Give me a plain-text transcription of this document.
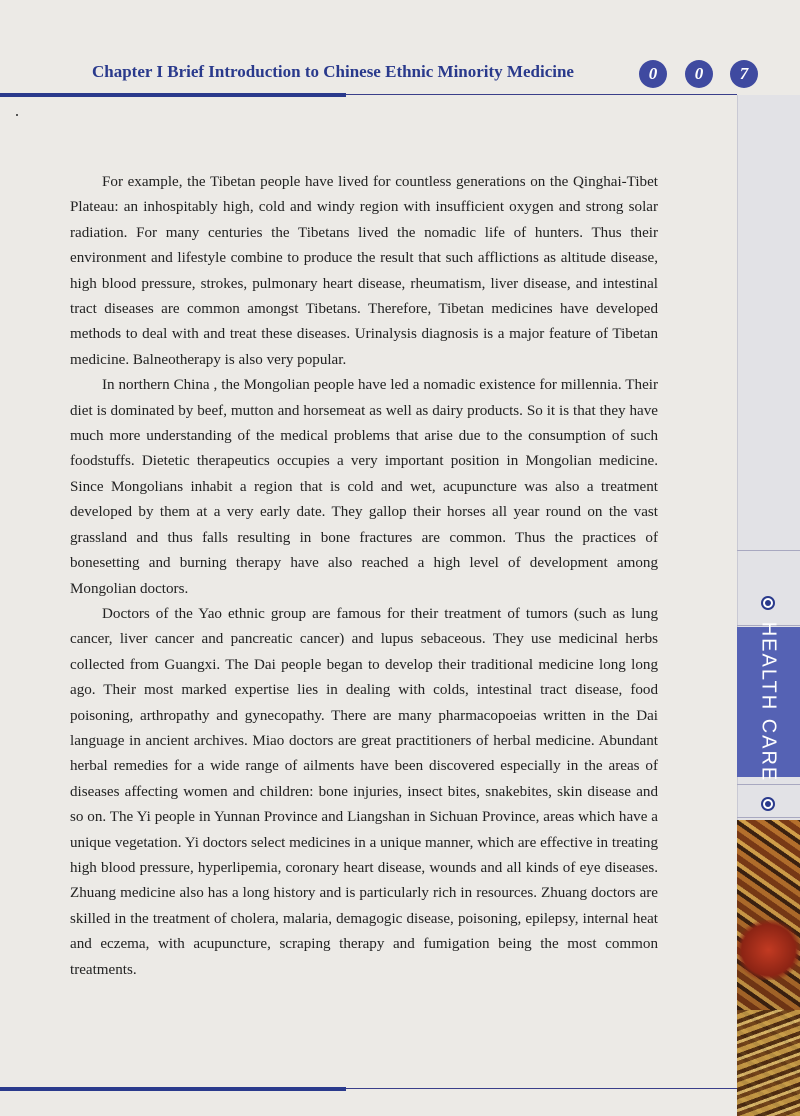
Chapter I Brief Introduction to Chinese Ethnic Minority Medicine	0	0	7

For example, the Tibetan people have lived for countless generations on the Qinghai-Tibet Plateau: an inhospitably high, cold and windy region with insufficient oxygen and strong solar radiation. For many centuries the Tibetans lived the nomadic life of hunters. Thus their environment and lifestyle combine to produce the result that such afflictions as altitude disease, high blood pressure, strokes, pulmonary heart disease, rheumatism, liver disease, and intestinal tract diseases are common amongst Tibetans. Therefore, Tibetan medicines have developed methods to deal with and treat these diseases. Urinalysis diagnosis is a major feature of Tibetan medicine. Balneotherapy is also very popular.

In northern China , the Mongolian people have led a nomadic existence for millennia. Their diet is dominated by beef, mutton and horsemeat as well as dairy products. So it is that they have much more understanding of the medical problems that arise due to the consumption of such foodstuffs. Dietetic therapeutics occupies a very important position in Mongolian medicine. Since Mongolians inhabit a region that is cold and wet, acupuncture was also a treatment developed by them at a very early date. They gallop their horses all year round on the vast grassland and thus falls resulting in bone fractures are common. Thus the practices of bonesetting and burning therapy have also reached a high level of development among Mongolian doctors.

Doctors of the Yao ethnic group are famous for their treatment of tumors (such as lung cancer, liver cancer and pancreatic cancer) and lupus sebaceous. They use medicinal herbs collected from Guangxi. The Dai people began to develop their traditional medicine long long ago. Their most marked expertise lies in dealing with colds, intestinal tract disease, food poisoning, arthropathy and gynecopathy. There are many pharmacopoeias written in the Dai language in ancient archives. Miao doctors are great practitioners of herbal medicine. Abundant herbal remedies for a wide range of ailments have been discovered especially in the areas of diseases affecting women and children: bone injuries, insect bites, snakebites, skin disease and so on. The Yi people in Yunnan Province and Liangshan in Sichuan Province, areas which have a unique vegetation. Yi doctors select medicines in a unique manner, which are effective in treating high blood pressure, hyperlipemia, coronary heart disease, wounds and all kinds of eye diseases. Zhuang medicine also has a long history and is particularly rich in resources. Zhuang doctors are skilled in the treatment of cholera, malaria, demagogic disease, poisoning, epilepsy, internal heat and eczema, with acupuncture, scraping therapy and fumigation being the most common treatments.

HEALTH CARE
